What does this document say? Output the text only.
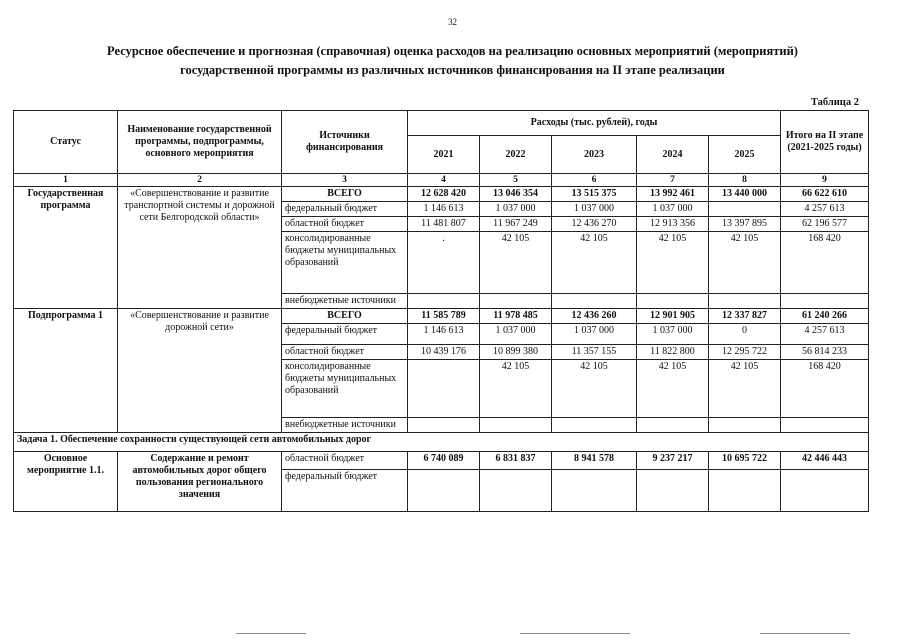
32
Ресурсное обеспечение и прогнозная (справочная) оценка расходов на реализацию основных мероприятий (мероприятий)
государственной программы из различных источников финансирования на II этапе реализации
Таблица 2
Статус	Наименование государственной программы, подпрограммы, основного мероприятия	Источники финансирования	Расходы (тыс. рублей), годы					Итого на II этапе (2021-2025 годы)
			2021	2022	2023	2024	2025	
1	2	3	4	5	6	7	8	9
Государственная программа	«Совершенствование и развитие транспортной системы и дорожной сети Белгородской области»	ВСЕГО	12 628 420	13 046 354	13 515 375	13 992 461	13 440 000	66 622 610
		федеральный бюджет	1 146 613	1 037 000	1 037 000	1 037 000		4 257 613
		областной бюджет	11 481 807	11 967 249	12 436 270	12 913 356	13 397 895	62 196 577
		консолидированные бюджеты муниципальных образований	.	42 105	42 105	42 105	42 105	168 420
		внебюджетные источники						
Подпрограмма 1	«Совершенствование и развитие дорожной сети»	ВСЕГО	11 585 789	11 978 485	12 436 260	12 901 905	12 337 827	61 240 266
		федеральный бюджет	1 146 613	1 037 000	1 037 000	1 037 000	0	4 257 613
		областной бюджет	10 439 176	10 899 380	11 357 155	11 822 800	12 295 722	56 814 233
		консолидированные бюджеты муниципальных образований		42 105	42 105	42 105	42 105	168 420
		внебюджетные источники						
Задача 1. Обеспечение сохранности существующей сети автомобильных дорог								
Основное мероприятие 1.1.	Содержание и ремонт автомобильных дорог общего пользования регионального значения	областной бюджет	6 740 089	6 831 837	8 941 578	9 237 217	10 695 722	42 446 443
		федеральный бюджет						
